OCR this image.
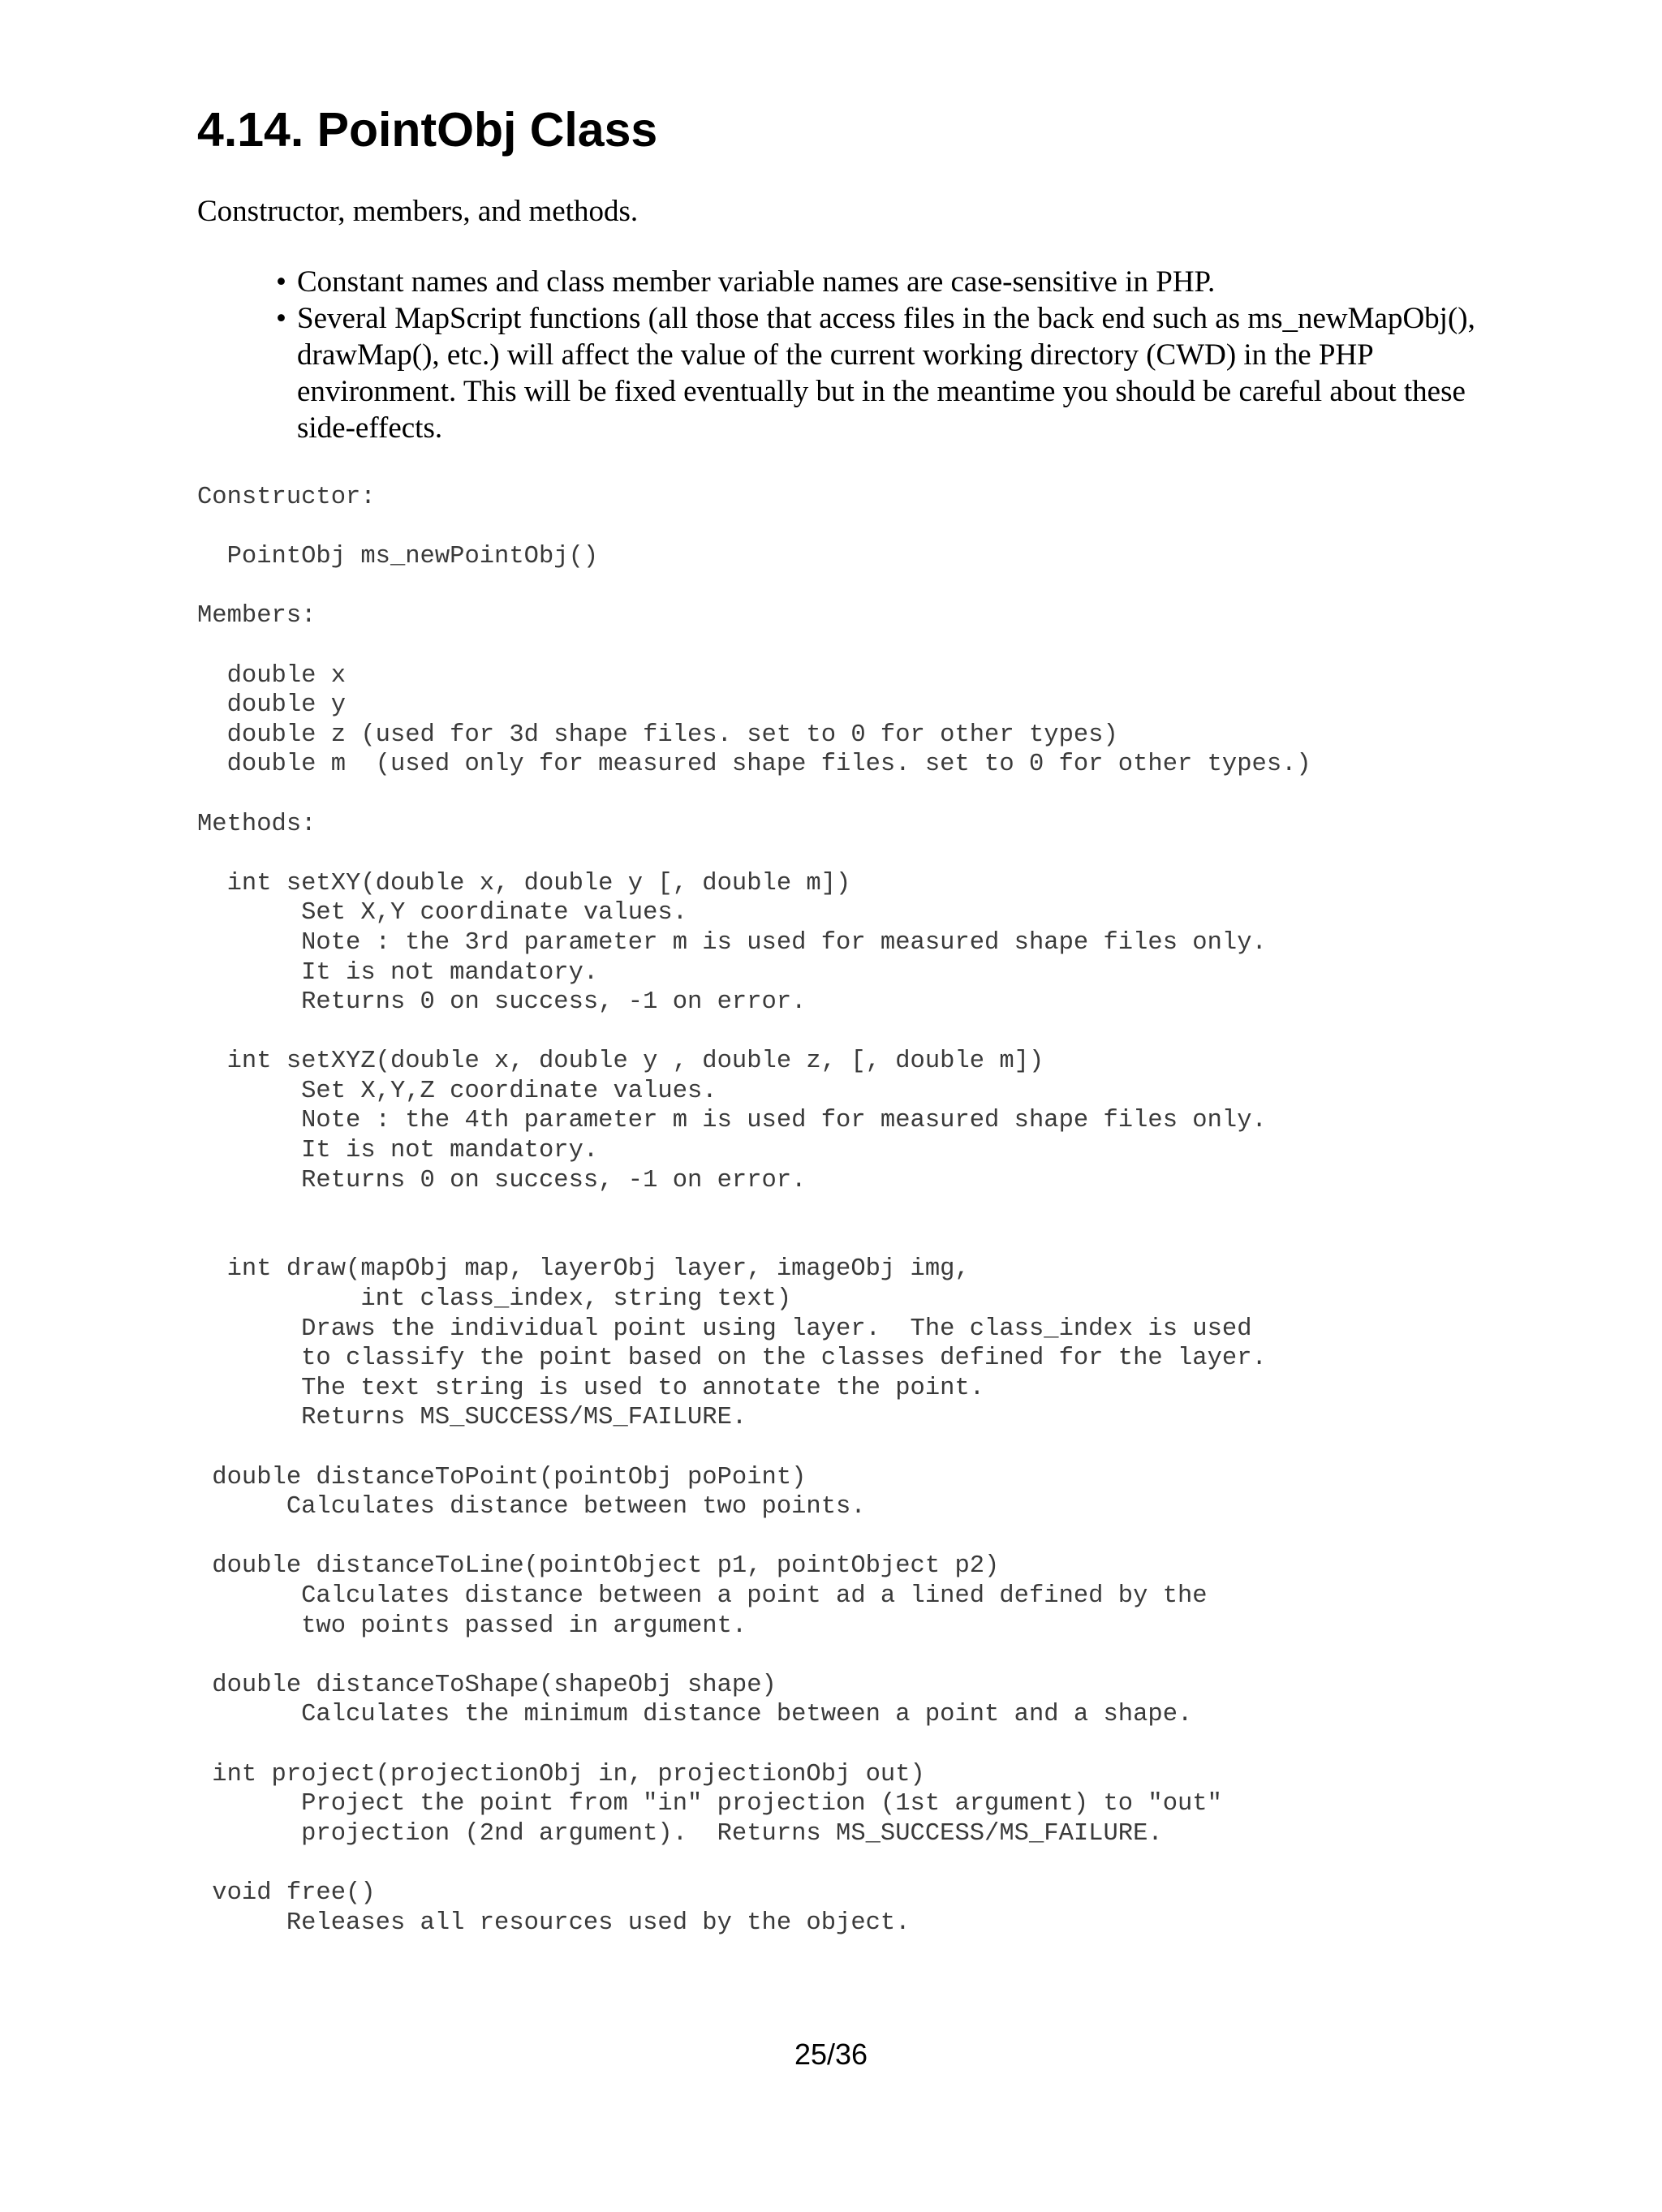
4.14. PointObj Class

Constructor, members, and methods.

• Constant names and class member variable names are case-sensitive in PHP.
• Several MapScript functions (all those that access files in the back end such as ms_newMapObj(), drawMap(), etc.) will affect the value of the current working directory (CWD) in the PHP environment. This will be fixed eventually but in the meantime you should be careful about these side-effects.
Constructor:
PointObj ms_newPointObj()
Members:
double x
double y
double z (used for 3d shape files. set to 0 for other types)
double m  (used only for measured shape files. set to 0 for other types.)
Methods:
int setXY(double x, double y [, double m])
Set X,Y coordinate values.
Note : the 3rd parameter m is used for measured shape files only.
It is not mandatory.
Returns 0 on success, -1 on error.
int setXYZ(double x, double y , double z, [, double m])
Set X,Y,Z coordinate values.
Note : the 4th parameter m is used for measured shape files only.
It is not mandatory.
Returns 0 on success, -1 on error.
int draw(mapObj map, layerObj layer, imageObj img,
int class_index, string text)
Draws the individual point using layer.  The class_index is used
to classify the point based on the classes defined for the layer.
The text string is used to annotate the point.
Returns MS_SUCCESS/MS_FAILURE.
double distanceToPoint(pointObj poPoint)
Calculates distance between two points.
double distanceToLine(pointObject p1, pointObject p2)
Calculates distance between a point ad a lined defined by the
two points passed in argument.
double distanceToShape(shapeObj shape)
Calculates the minimum distance between a point and a shape.
int project(projectionObj in, projectionObj out)
Project the point from "in" projection (1st argument) to "out"
projection (2nd argument).  Returns MS_SUCCESS/MS_FAILURE.
void free()
Releases all resources used by the object.
25/36
